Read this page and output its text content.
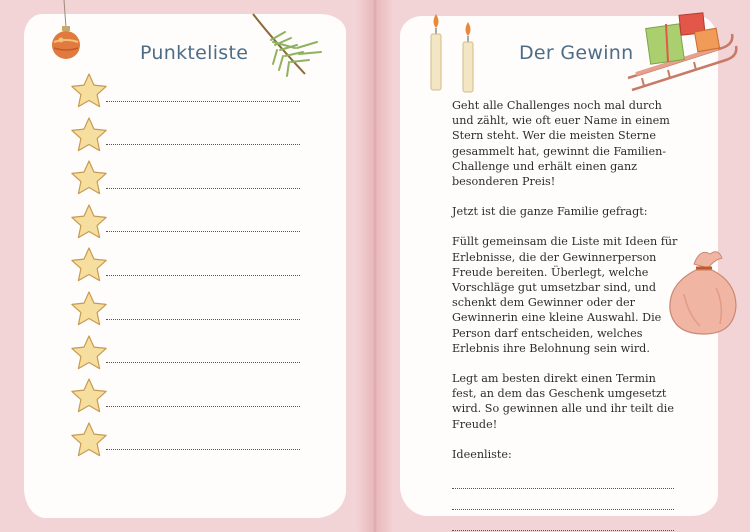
Punkteliste	Der Gewinn

Geht alle Challenges noch mal durch und zählt, wie oft euer Name in einem Stern steht. Wer die meisten Sterne gesammelt hat, gewinnt die Familien-Challenge und erhält einen ganz besonderen Preis!

Jetzt ist die ganze Familie gefragt:

Füllt gemeinsam die Liste mit Ideen für Erlebnisse, die der Gewinnerperson Freude bereiten. Überlegt, welche Vorschläge gut umsetzbar sind, und schenkt dem Gewinner oder der Gewinnerin eine kleine Auswahl. Die Person darf entscheiden, welches Erlebnis ihre Belohnung sein wird.

Legt am besten direkt einen Termin fest, an dem das Geschenk umgesetzt wird. So gewinnen alle und ihr teilt die Freude!

Ideenliste:
